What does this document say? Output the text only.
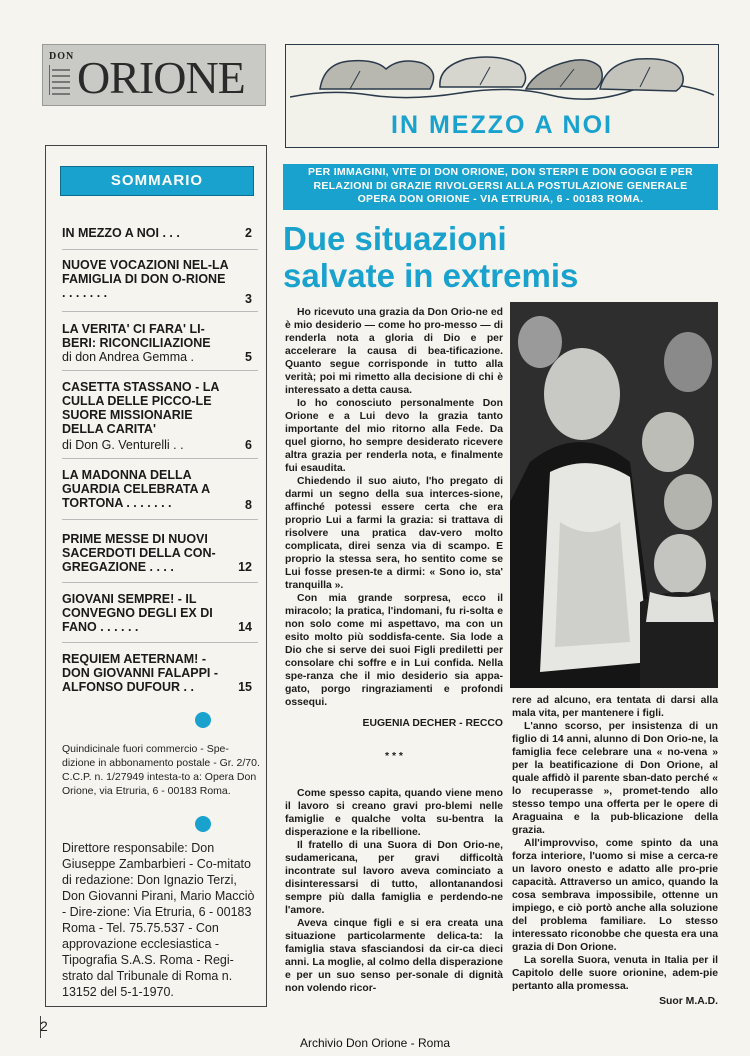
DON ORIONE
IN MEZZO A NOI
SOMMARIO
IN MEZZO A NOI . . .	2
NUOVE VOCAZIONI NEL-LA FAMIGLIA DI DON O-RIONE . . . . . . .	3
LA VERITA' CI FARA' LI-BERI: RICONCILIAZIONE
di don Andrea Gemma .	5
CASETTA STASSANO - LA CULLA DELLE PICCO-LE SUORE MISSIONARIE DELLA CARITA'
di Don G. Venturelli . .	6
LA MADONNA DELLA GUARDIA CELEBRATA A TORTONA . . . . . . .	8
PRIME MESSE DI NUOVI SACERDOTI DELLA CON-GREGAZIONE . . . .	12
GIOVANI SEMPRE! - IL CONVEGNO DEGLI EX DI FANO . . . . . .	14
REQUIEM AETERNAM! - DON GIOVANNI FALAPPI - ALFONSO DUFOUR . .	15
Quindicinale fuori commercio - Spe-dizione in abbonamento postale - Gr. 2/70. C.C.P. n. 1/27949 intesta-to a: Opera Don Orione, via Etruria, 6 - 00183 Roma.
Direttore responsabile: Don Giuseppe Zambarbieri - Co-mitato di redazione: Don Ignazio Terzi, Don Giovanni Pirani, Mario Macciò - Dire-zione: Via Etruria, 6 - 00183 Roma - Tel. 75.75.537 - Con approvazione ecclesiastica - Tipografia S.A.S. Roma - Regi-strato dal Tribunale di Roma n. 13152 del 5-1-1970.
PER IMMAGINI, VITE DI DON ORIONE, DON STERPI E DON GOGGI E PER
RELAZIONI DI GRAZIE RIVOLGERSI ALLA POSTULAZIONE GENERALE
OPERA DON ORIONE - VIA ETRURIA, 6 - 00183 ROMA.
Due situazioni
salvate in extremis

Ho ricevuto una grazia da Don Orio-ne ed è mio desiderio — come ho pro-messo — di renderla nota a gloria di Dio e per accelerare la causa di bea-tificazione. Quanto segue corrisponde in tutto alla verità; poi mi rimetto alla decisione di chi è interessato a detta causa.

Io ho conosciuto personalmente Don Orione e a Lui devo la grazia tanto importante del mio ritorno alla Fede. Da quel giorno, ho sempre desiderato ricevere altra grazia per renderla nota, e finalmente fui esaudita.

Chiedendo il suo aiuto, l'ho pregato di darmi un segno della sua interces-sione, affinché potessi essere certa che era proprio Lui a farmi la grazia: si trattava di risolvere una pratica dav-vero molto complicata, direi senza via di scampo. E proprio la stessa sera, ho sentito come se Lui fosse presen-te a dirmi: « Sono io, sta' tranquilla ».

Con mia grande sorpresa, ecco il miracolo; la pratica, l'indomani, fu ri-solta e non solo come mi aspettavo, ma con un esito molto più soddisfa-cente. Sia lode a Dio che si serve dei suoi Figli prediletti per consolare chi soffre e in Lui confida. Nella spe-ranza che il mio desiderio sia appa-gato, porgo ringraziamenti e profondi ossequi.

EUGENIA DECHER - RECCO
* * *

Come spesso capita, quando viene meno il lavoro si creano gravi pro-blemi nelle famiglie e qualche volta su-bentra la disperazione e la ribellione.

Il fratello di una Suora di Don Orio-ne, sudamericana, per gravi difficoltà incontrate sul lavoro aveva cominciato a disinteressarsi di tutto, allontanandosi sempre più dalla famiglia e perdendo-ne l'amore.

Aveva cinque figli e si era creata una situazione particolarmente delica-ta: la famiglia stava sfasciandosi da cir-ca dieci anni. La moglie, al colmo della disperazione e per un suo senso per-sonale di dignità non volendo ricor-

rere ad alcuno, era tentata di darsi alla mala vita, per mantenere i figli.

L'anno scorso, per insistenza di un figlio di 14 anni, alunno di Don Orio-ne, la famiglia fece celebrare una « no-vena » per la beatificazione di Don Orione, al quale affidò il parente sban-dato perché « lo recuperasse », promet-tendo allo stesso tempo una offerta per le opere di Araguaina e la pub-blicazione della grazia.

All'improvviso, come spinto da una forza interiore, l'uomo si mise a cerca-re un lavoro onesto e adatto alle pro-prie capacità. Attraverso un amico, quando la cosa sembrava impossibile, ottenne un impiego, e ciò portò anche alla soluzione del problema familiare. Lo stesso interessato riconobbe che questa era una grazia di Don Orione.

La sorella Suora, venuta in Italia per il Capitolo delle suore orionine, adem-pie pertanto alla promessa.

Suor M.A.D.
2
Archivio Don Orione - Roma
